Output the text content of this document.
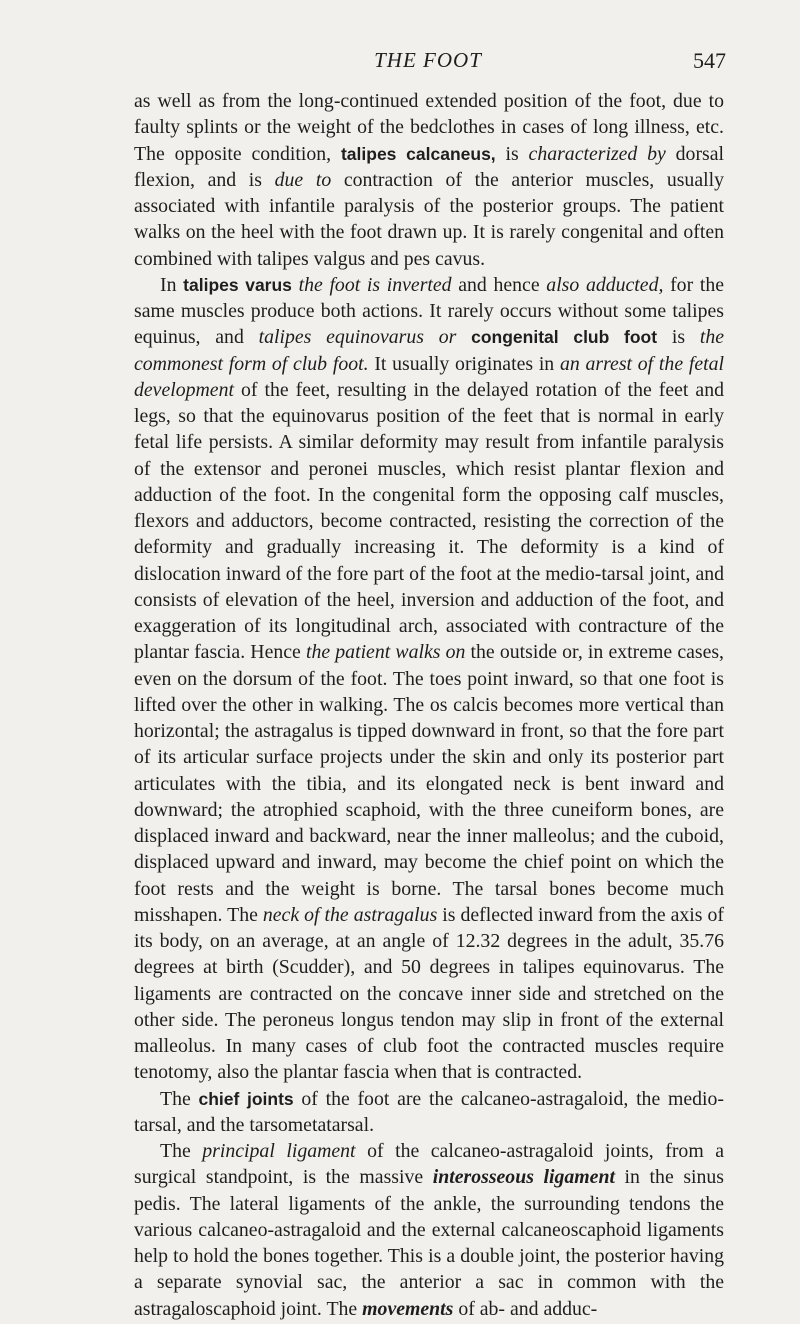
THE FOOT	547

as well as from the long-continued extended position of the foot, due to faulty splints or the weight of the bedclothes in cases of long illness, etc. The opposite condition, talipes calcaneus, is characterized by dorsal flexion, and is due to contraction of the anterior muscles, usually associated with infantile paralysis of the posterior groups. The patient walks on the heel with the foot drawn up. It is rarely congenital and often combined with talipes valgus and pes cavus.

In talipes varus the foot is inverted and hence also adducted, for the same muscles produce both actions. It rarely occurs without some talipes equinus, and talipes equinovarus or congenital club foot is the commonest form of club foot. It usually originates in an arrest of the fetal development of the feet, resulting in the delayed rotation of the feet and legs, so that the equinovarus position of the feet that is normal in early fetal life persists. A similar deformity may result from infantile paralysis of the extensor and peronei muscles, which resist plantar flexion and adduction of the foot. In the congenital form the opposing calf muscles, flexors and adductors, become contracted, resisting the correction of the deformity and gradually increasing it. The deformity is a kind of dislocation inward of the fore part of the foot at the medio-tarsal joint, and consists of elevation of the heel, inversion and adduction of the foot, and exaggeration of its longitudinal arch, associated with contracture of the plantar fascia. Hence the patient walks on the outside or, in extreme cases, even on the dorsum of the foot. The toes point inward, so that one foot is lifted over the other in walking. The os calcis becomes more vertical than horizontal; the astragalus is tipped downward in front, so that the fore part of its articular surface projects under the skin and only its posterior part articulates with the tibia, and its elongated neck is bent inward and downward; the atrophied scaphoid, with the three cuneiform bones, are displaced inward and backward, near the inner malleolus; and the cuboid, displaced upward and inward, may become the chief point on which the foot rests and the weight is borne. The tarsal bones become much misshapen. The neck of the astragalus is deflected inward from the axis of its body, on an average, at an angle of 12.32 degrees in the adult, 35.76 degrees at birth (Scudder), and 50 degrees in talipes equinovarus. The ligaments are contracted on the concave inner side and stretched on the other side. The peroneus longus tendon may slip in front of the external malleolus. In many cases of club foot the contracted muscles require tenotomy, also the plantar fascia when that is contracted.

The chief joints of the foot are the calcaneo-astragaloid, the medio-tarsal, and the tarsometatarsal.

The principal ligament of the calcaneo-astragaloid joints, from a surgical standpoint, is the massive interosseous ligament in the sinus pedis. The lateral ligaments of the ankle, the surrounding tendons the various calcaneo-astragaloid and the external calcaneoscaphoid ligaments help to hold the bones together. This is a double joint, the posterior having a separate synovial sac, the anterior a sac in common with the astragaloscaphoid joint. The movements of ab- and adduc-
